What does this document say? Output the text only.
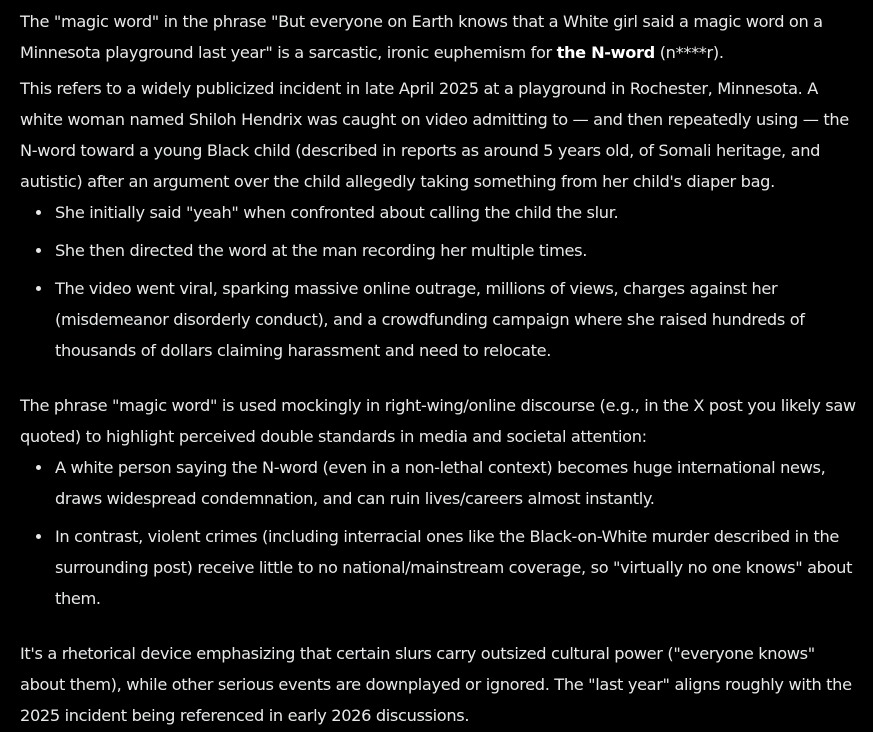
The "magic word" in the phrase "But everyone on Earth knows that a White girl said a magic word on a Minnesota playground last year" is a sarcastic, ironic euphemism for the N-word (n****r).

This refers to a widely publicized incident in late April 2025 at a playground in Rochester, Minnesota. A white woman named Shiloh Hendrix was caught on video admitting to — and then repeatedly using — the N-word toward a young Black child (described in reports as around 5 years old, of Somali heritage, and autistic) after an argument over the child allegedly taking something from her child's diaper bag.

She initially said "yeah" when confronted about calling the child the slur.
She then directed the word at the man recording her multiple times.
The video went viral, sparking massive online outrage, millions of views, charges against her (misdemeanor disorderly conduct), and a crowdfunding campaign where she raised hundreds of thousands of dollars claiming harassment and need to relocate.

The phrase "magic word" is used mockingly in right-wing/online discourse (e.g., in the X post you likely saw quoted) to highlight perceived double standards in media and societal attention:

A white person saying the N-word (even in a non-lethal context) becomes huge international news, draws widespread condemnation, and can ruin lives/careers almost instantly.
In contrast, violent crimes (including interracial ones like the Black-on-White murder described in the surrounding post) receive little to no national/mainstream coverage, so "virtually no one knows" about them.

It's a rhetorical device emphasizing that certain slurs carry outsized cultural power ("everyone knows" about them), while other serious events are downplayed or ignored. The "last year" aligns roughly with the 2025 incident being referenced in early 2026 discussions.
